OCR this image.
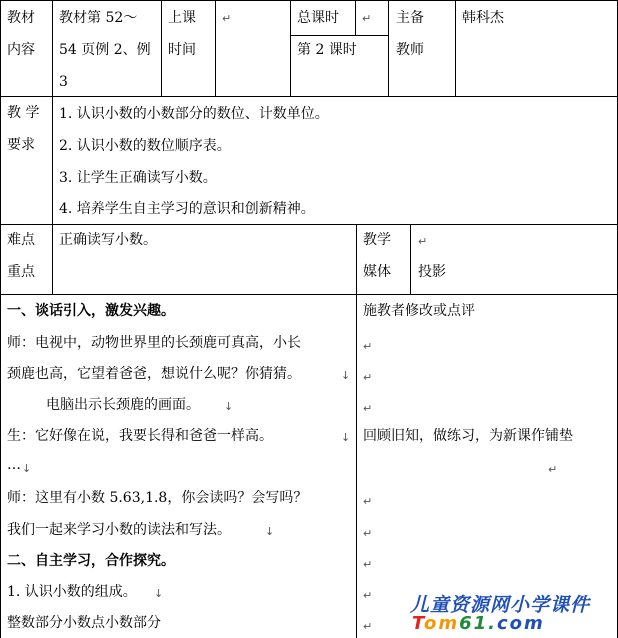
教材
内容
教材第 52～
54 页例 2、例
3
上课
时间
↵	总课时 ↵
第 2 课时
主备
教师
韩科杰
教 学
要求
1. 认识小数的小数部分的数位、计数单位。
2. 认识小数的数位顺序表。
3. 让学生正确读写小数。
4. 培养学生自主学习的意识和创新精神。
难点
重点
正确读写小数。	教学
媒体
↵
投影
一、谈话引入，激发兴趣。
师：电视中，动物世界里的长颈鹿可真高，小长
颈鹿也高，它望着爸爸，想说什么呢？你猜猜。
电脑出示长颈鹿的画面。
生：它好像在说，我要长得和爸爸一样高。
…
师：这里有小数 5.63,1.8，你会读吗？会写吗？
我们一起来学习小数的读法和写法。
二、自主学习，合作探究。
1. 认识小数的组成。
整数部分小数点小数部分
↓
↓
↓
↓
↓
↓
施教者修改或点评
↵
↵
↵
回顾旧知，做练习，为新课作铺垫
↵
↵
↵
↵
↵
↵
儿童资源网小学课件
Tom61.com
